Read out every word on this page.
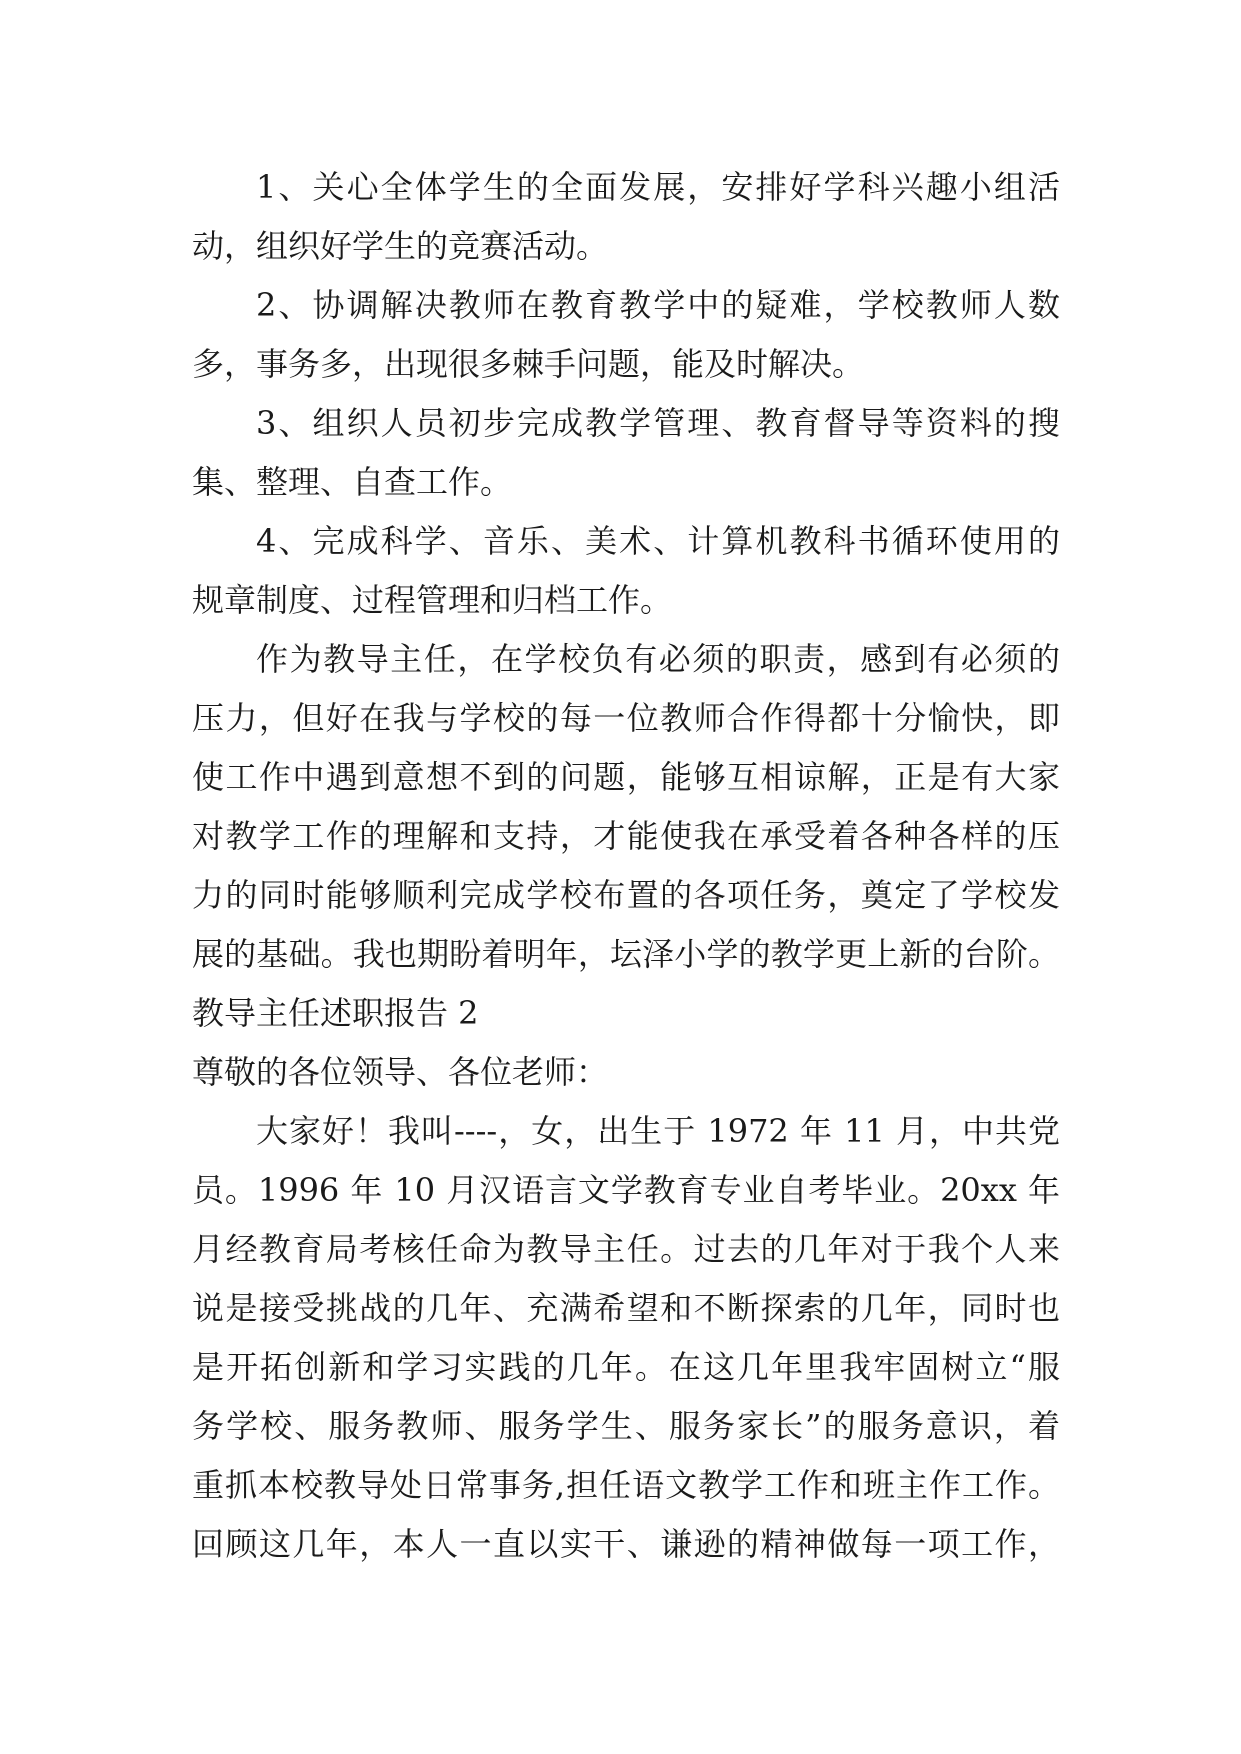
1、关心全体学生的全面发展，安排好学科兴趣小组活
动，组织好学生的竞赛活动。
2、协调解决教师在教育教学中的疑难，学校教师人数
多，事务多，出现很多棘手问题，能及时解决。
3、组织人员初步完成教学管理、教育督导等资料的搜
集、整理、自查工作。
4、完成科学、音乐、美术、计算机教科书循环使用的
规章制度、过程管理和归档工作。
作为教导主任，在学校负有必须的职责，感到有必须的
压力，但好在我与学校的每一位教师合作得都十分愉快，即
使工作中遇到意想不到的问题，能够互相谅解，正是有大家
对教学工作的理解和支持，才能使我在承受着各种各样的压
力的同时能够顺利完成学校布置的各项任务，奠定了学校发
展的基础。我也期盼着明年，坛泽小学的教学更上新的台阶。
教导主任述职报告 2
尊敬的各位领导、各位老师：
大家好！我叫----，女，出生于 1972 年 11 月，中共党
员。1996 年 10 月汉语言文学教育专业自考毕业。20xx 年
月经教育局考核任命为教导主任。过去的几年对于我个人来
说是接受挑战的几年、充满希望和不断探索的几年，同时也
是开拓创新和学习实践的几年。在这几年里我牢固树立“服
务学校、服务教师、服务学生、服务家长”的服务意识，着
重抓本校教导处日常事务,担任语文教学工作和班主作工作。
回顾这几年，本人一直以实干、谦逊的精神做每一项工作，
